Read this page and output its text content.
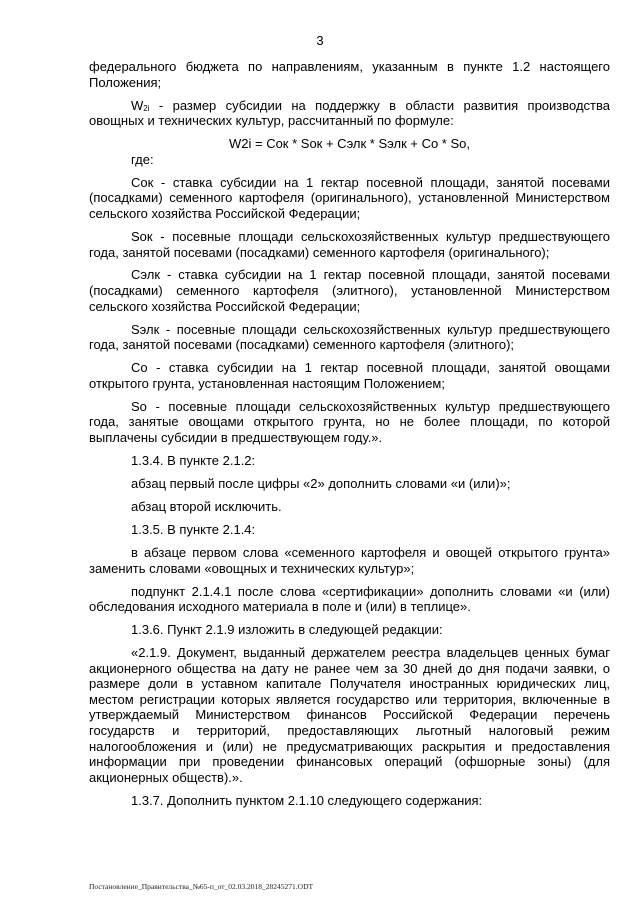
3

федерального бюджета по направлениям, указанным в пункте 1.2 настоящего Положения;

$W_{2i}$ - размер субсидии на поддержку в области развития производства овощных и технических культур, рассчитанный по формуле:

W2i = Сок * Sок + Сэлк * Sэлк + Со * Sо,

где:

Сок - ставка субсидии на 1 гектар посевной площади, занятой посевами (посадками) семенного картофеля (оригинального), установленной Министерством сельского хозяйства Российской Федерации;

Sок - посевные площади сельскохозяйственных культур предшествующего года, занятой посевами (посадками) семенного картофеля (оригинального);

Сэлк - ставка субсидии на 1 гектар посевной площади, занятой посевами (посадками) семенного картофеля (элитного), установленной Министерством сельского хозяйства Российской Федерации;

Sэлк - посевные площади сельскохозяйственных культур предшествующего года, занятой посевами (посадками) семенного картофеля (элитного);

Со - ставка субсидии на 1 гектар посевной площади, занятой овощами открытого грунта, установленная настоящим Положением;

Sо - посевные площади сельскохозяйственных культур предшествующего года, занятые овощами открытого грунта, но не более площади, по которой выплачены субсидии в предшествующем году.».

1.3.4. В пункте 2.1.2:

абзац первый после цифры «2» дополнить словами «и (или)»;

абзац второй исключить.

1.3.5. В пункте 2.1.4:

в абзаце первом слова «семенного картофеля и овощей открытого грунта» заменить словами «овощных и технических культур»;

подпункт 2.1.4.1 после слова «сертификации» дополнить словами «и (или) обследования исходного материала в поле и (или) в теплице».

1.3.6. Пункт 2.1.9 изложить в следующей редакции:

«2.1.9. Документ, выданный держателем реестра владельцев ценных бумаг акционерного общества на дату не ранее чем за 30 дней до дня подачи заявки, о размере доли в уставном капитале Получателя иностранных юридических лиц, местом регистрации которых является государство или территория, включенные в утверждаемый Министерством финансов Российской Федерации перечень государств и территорий, предоставляющих льготный налоговый режим налогообложения и (или) не предусматривающих раскрытия и предоставления информации при проведении финансовых операций (офшорные зоны) (для акционерных обществ).».

1.3.7. Дополнить пунктом 2.1.10 следующего содержания:

Постановление_Правительства_№65-п_от_02.03.2018_28245271.ODT
